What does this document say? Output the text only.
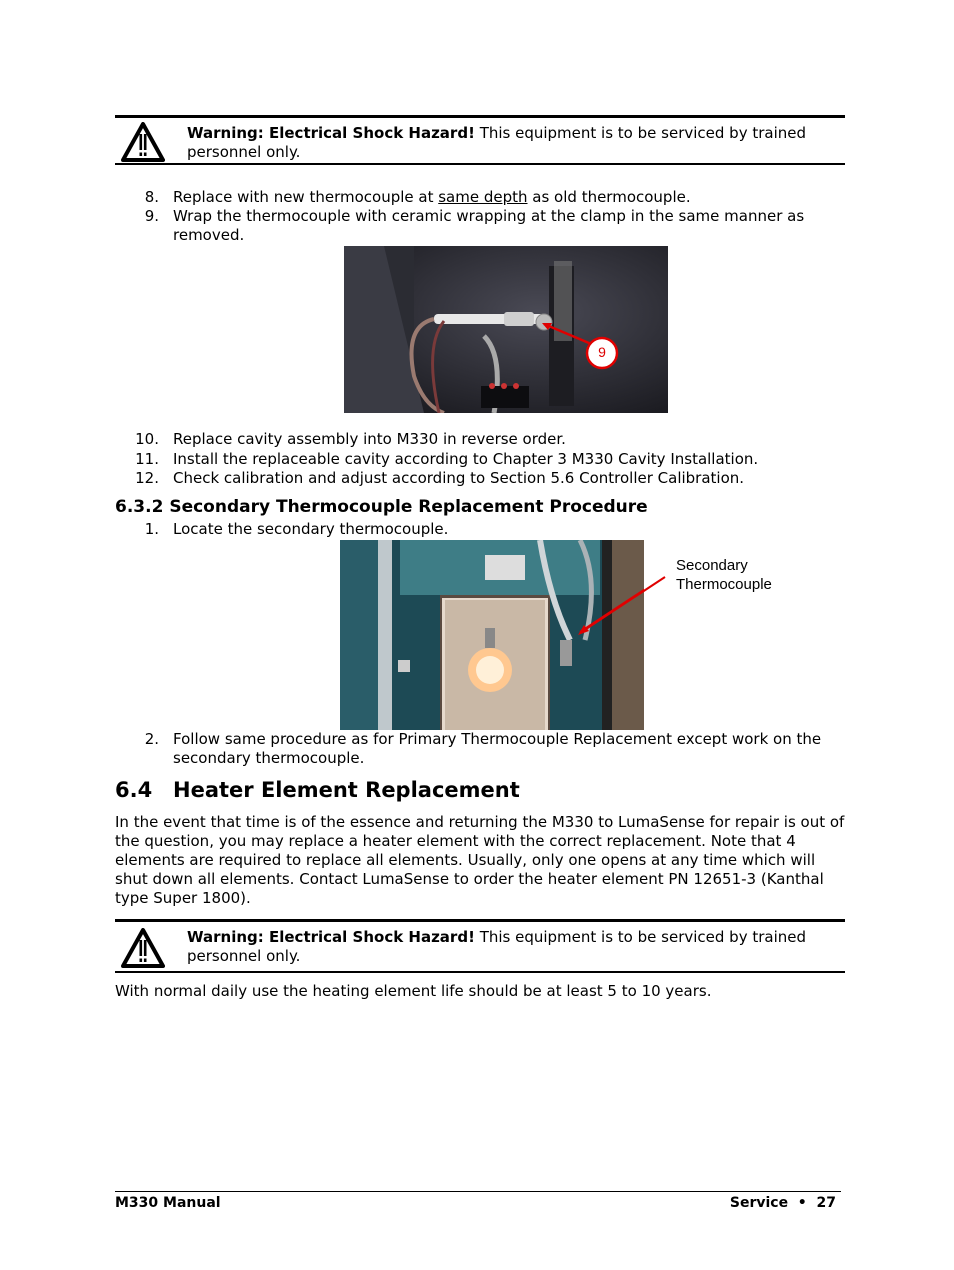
Warning: Electrical Shock Hazard! This equipment is to be serviced by trained
personnel only.
8. Replace with new thermocouple at same depth as old thermocouple.
9. Wrap the thermocouple with ceramic wrapping at the clamp in the same manner as
removed.
9
10. Replace cavity assembly into M330 in reverse order.
11. Install the replaceable cavity according to Chapter 3 M330 Cavity Installation.
12. Check calibration and adjust according to Section 5.6 Controller Calibration.
6.3.2 Secondary Thermocouple Replacement Procedure
1. Locate the secondary thermocouple.
Secondary
Thermocouple
2. Follow same procedure as for Primary Thermocouple Replacement except work on the
secondary thermocouple.
6.4 Heater Element Replacement
In the event that time is of the essence and returning the M330 to LumaSense for repair is out of
the question, you may replace a heater element with the correct replacement. Note that 4
elements are required to replace all elements. Usually, only one opens at any time which will
shut down all elements. Contact LumaSense to order the heater element PN 12651-3 (Kanthal
type Super 1800).
Warning: Electrical Shock Hazard! This equipment is to be serviced by trained
personnel only.
With normal daily use the heating element life should be at least 5 to 10 years.
M330 Manual	Service  •  27
